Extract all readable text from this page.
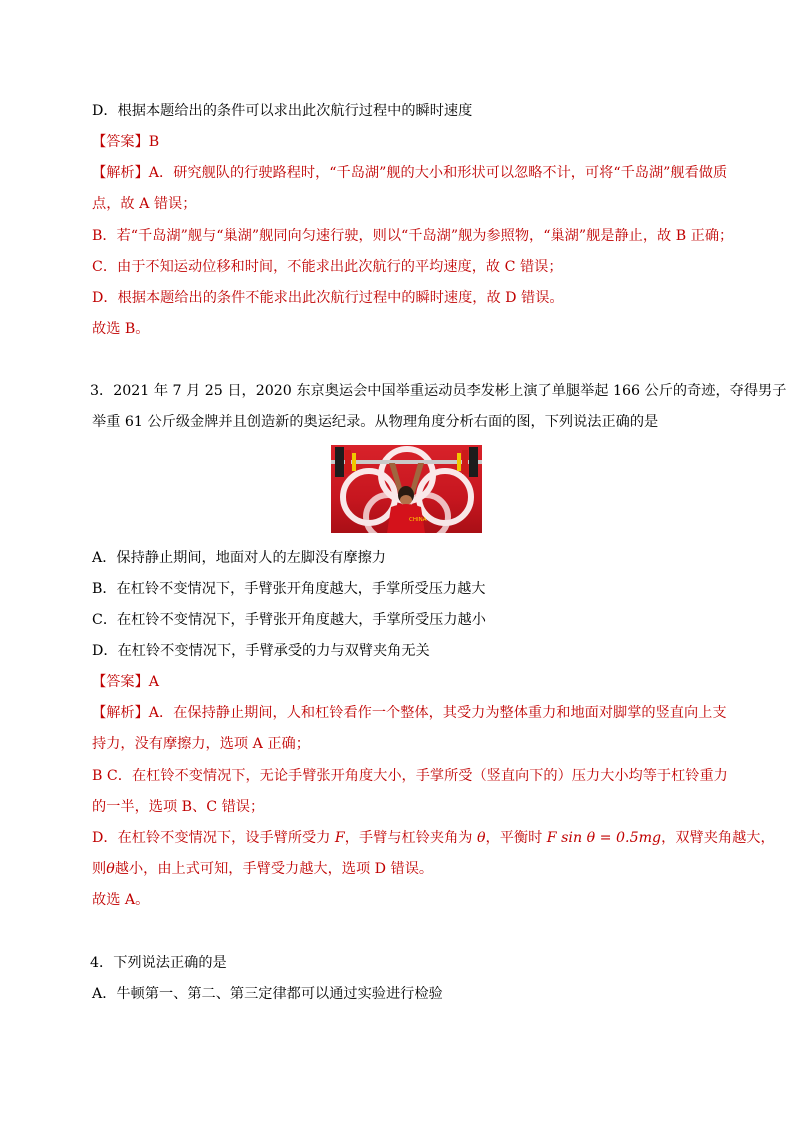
D．根据本题给出的条件可以求出此次航行过程中的瞬时速度
【答案】B
【解析】A．研究舰队的行驶路程时，“千岛湖”舰的大小和形状可以忽略不计，可将“千岛湖”舰看做质
点，故 A 错误；
B．若“千岛湖”舰与“巢湖”舰同向匀速行驶，则以“千岛湖”舰为参照物，“巢湖”舰是静止，故 B 正确；
C．由于不知运动位移和时间，不能求出此次航行的平均速度，故 C 错误；
D．根据本题给出的条件不能求出此次航行过程中的瞬时速度，故 D 错误。
故选 B。
3．2021 年 7 月 25 日，2020 东京奥运会中国举重运动员李发彬上演了单腿举起 166 公斤的奇迹，夺得男子
举重 61 公斤级金牌并且创造新的奥运纪录。从物理角度分析右面的图，下列说法正确的是
CHINA
A．保持静止期间，地面对人的左脚没有摩擦力
B．在杠铃不变情况下，手臂张开角度越大，手掌所受压力越大
C．在杠铃不变情况下，手臂张开角度越大，手掌所受压力越小
D．在杠铃不变情况下，手臂承受的力与双臂夹角无关
【答案】A
【解析】A．在保持静止期间，人和杠铃看作一个整体，其受力为整体重力和地面对脚掌的竖直向上支
持力，没有摩擦力，选项 A 正确；
B C．在杠铃不变情况下，无论手臂张开角度大小，手掌所受（竖直向下的）压力大小均等于杠铃重力
的一半，选项 B、C 错误；
D．在杠铃不变情况下，设手臂所受力 F，手臂与杠铃夹角为 θ，平衡时 F sin θ = 0.5mg，双臂夹角越大，
则θ越小，由上式可知，手臂受力越大，选项 D 错误。
故选 A。
4．下列说法正确的是
A．牛顿第一、第二、第三定律都可以通过实验进行检验
